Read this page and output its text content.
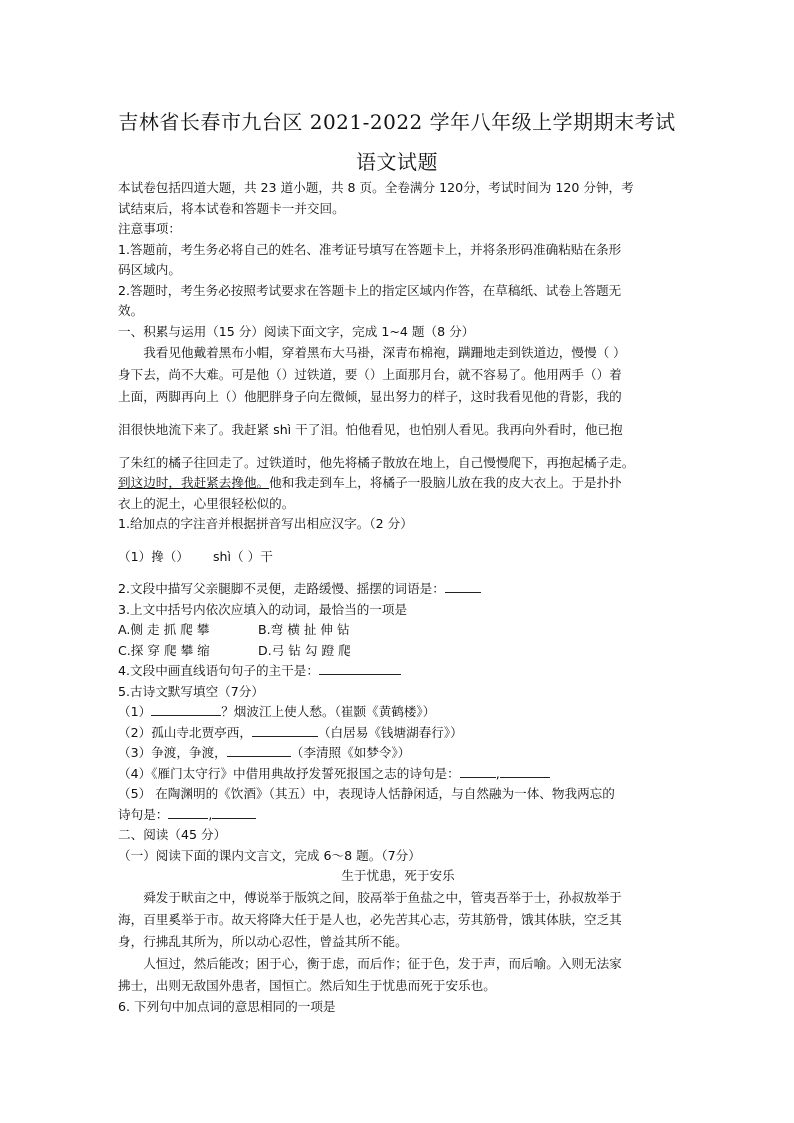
吉林省长春市九台区 2021-2022 学年八年级上学期期末考试
语文试题

本试卷包括四道大题，共 23 道小题，共 8 页。全卷满分 120分，考试时间为 120 分钟，考

试结束后，将本试卷和答题卡一并交回。

注意事项：

1.答题前，考生务必将自己的姓名、准考证号填写在答题卡上，并将条形码准确粘贴在条形

码区域内。

2.答题时，考生务必按照考试要求在答题卡上的指定区域内作答，在草稿纸、试卷上答题无

效。

一、积累与运用（15 分）阅读下面文字，完成 1~4 题（8 分）

我看见他戴着黑布小帽，穿着黑布大马褂，深青布棉袍，蹒跚地走到铁道边，慢慢（ ）

身下去，尚不大难。可是他（）过铁道，要（）上面那月台，就不容易了。他用两手（）着

上面，两脚再向上（）他肥胖身子向左微倾，显出努力的样子，这时我看见他的背影，我的

泪很快地流下来了。我赶紧 shì 干了泪。怕他看见，也怕别人看见。我再向外看时，他已抱

了朱红的橘子往回走了。过铁道时，他先将橘子散放在地上，自己慢慢爬下，再抱起橘子走。

到这边时，我赶紧去搀他。他和我走到车上，将橘子一股脑儿放在我的皮大衣上。于是扑扑

衣上的泥土，心里很轻松似的。

1.给加点的字注音并根据拼音写出相应汉字。（2 分）

（1）搀（） shì（ ）干

2.文段中描写父亲腿脚不灵便，走路缓慢、摇摆的词语是：

3.上文中括号内依次应填入的动词，最恰当的一项是

A.侧 走 抓 爬 攀	B.弯 横 扯 伸 钻

C.探 穿 爬 攀 缩	D.弓 钻 勾 蹬 爬

4.文段中画直线语句句子的主干是：

5.古诗文默写填空（7分）

（1）	？烟波江上使人愁。（崔颢《黄鹤楼》）

（2）孤山寺北贾亭西，	（白居易《钱塘湖春行》）

（3）争渡，争渡，	（李清照《如梦令》）

（4）《雁门太守行》中借用典故抒发誓死报国之志的诗句是：	,

（5） 在陶渊明的《饮酒》（其五）中，表现诗人恬静闲适，与自然融为一体、物我两忘的

诗句是：	,

二、阅读（45 分）

（一）阅读下面的课内文言文，完成 6～8 题。（7分）

生于忧患，死于安乐

舜发于畎亩之中，傅说举于版筑之间，胶鬲举于鱼盐之中，管夷吾举于士，孙叔敖举于

海，百里奚举于市。故天将降大任于是人也，必先苦其心志，劳其筋骨，饿其体肤，空乏其

身，行拂乱其所为，所以动心忍性，曾益其所不能。

人恒过，然后能改；困于心，衡于虑，而后作；征于色，发于声，而后喻。入则无法家

拂士，出则无敌国外患者，国恒亡。然后知生于忧患而死于安乐也。

6. 下列句中加点词的意思相同的一项是
